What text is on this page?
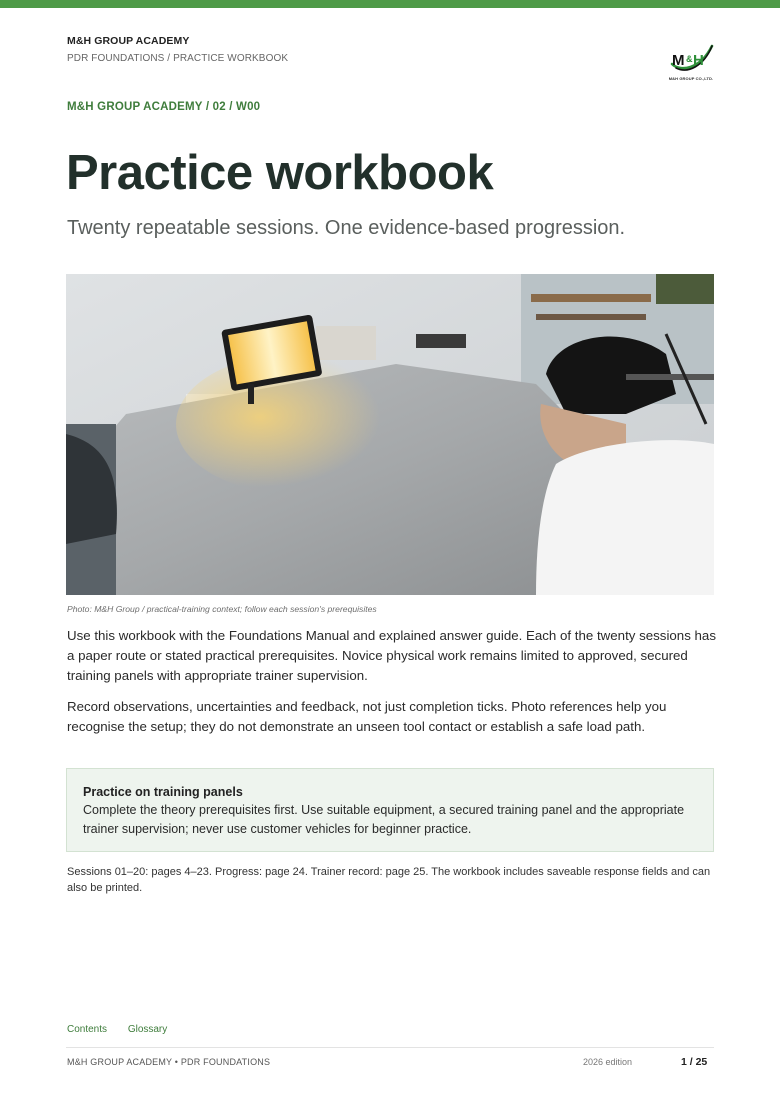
M&H GROUP ACADEMY
PDR FOUNDATIONS / PRACTICE WORKBOOK	M & H
M&H GROUP CO.,LTD.
M&H GROUP ACADEMY / 02 / W00
Practice workbook
Twenty repeatable sessions. One evidence-based progression.
Photo: M&H Group / practical-training context; follow each session's prerequisites

Use this workbook with the Foundations Manual and explained answer guide. Each of the twenty sessions has a paper route or stated practical prerequisites. Novice physical work remains limited to approved, secured training panels with appropriate trainer supervision.

Record observations, uncertainties and feedback, not just completion ticks. Photo references help you recognise the setup; they do not demonstrate an unseen tool contact or establish a safe load path.

Practice on training panels
Complete the theory prerequisites first. Use suitable equipment, a secured training panel and the appropriate trainer supervision; never use customer vehicles for beginner practice.

Sessions 01–20: pages 4–23. Progress: page 24. Trainer record: page 25. The workbook includes saveable response fields and can also be printed.

Contents Glossary
M&H GROUP ACADEMY • PDR FOUNDATIONS	2026 edition	1 / 25
